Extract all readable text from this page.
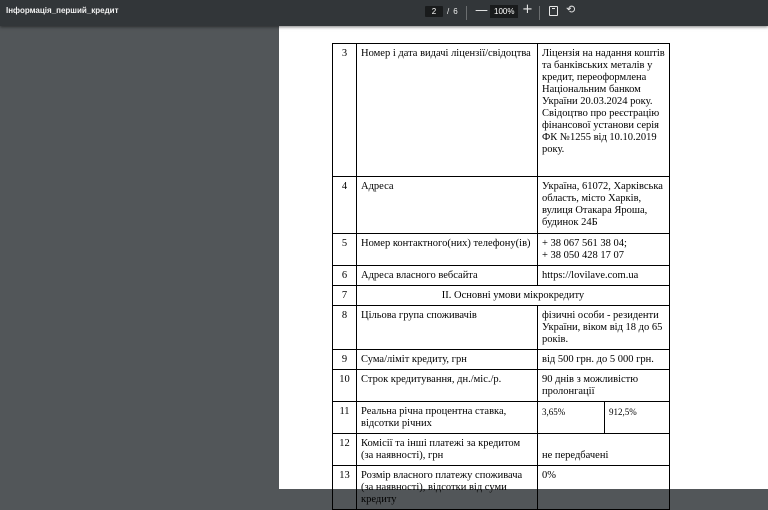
Інформація_перший_кредит	2	/ 6 — 100% +	⟲
3	Номер і дата видачі ліцензії/свідоцтва	Ліцензія на надання коштів та банківських металів у кредит, переоформлена Національним банком України 20.03.2024 року. Свідоцтво про реєстрацію фінансової установи серія ФК №1255 від 10.10.2019 року.	
4	Адреса	Україна, 61072, Харківська область, місто Харків, вулиця Отакара Яроша, будинок 24Б	
5	Номер контактного(них) телефону(ів)	+ 38 067 561 38 04;
+ 38 050 428 17 07	

6	Адреса власного вебсайта	https://lovilave.com.ua	
7	ІІ. Основні умови мікрокредиту		
8	Цільова група споживачів	фізичні особи - резиденти України, віком від 18 до 65 років.	
9	Сума/ліміт кредиту, грн	від 500 грн. до 5 000 грн.	
10	Строк кредитування, дн./міс./р.	90 днів з можливістю пролонгації	
11	Реальна річна процентна ставка, відсотки річних	3,65%	912,5%
12	Комісії та інші платежі за кредитом (за наявності), грн	не передбачені	
13	Розмір власного платежу споживача (за наявності), відсотки від суми кредиту	0%	
